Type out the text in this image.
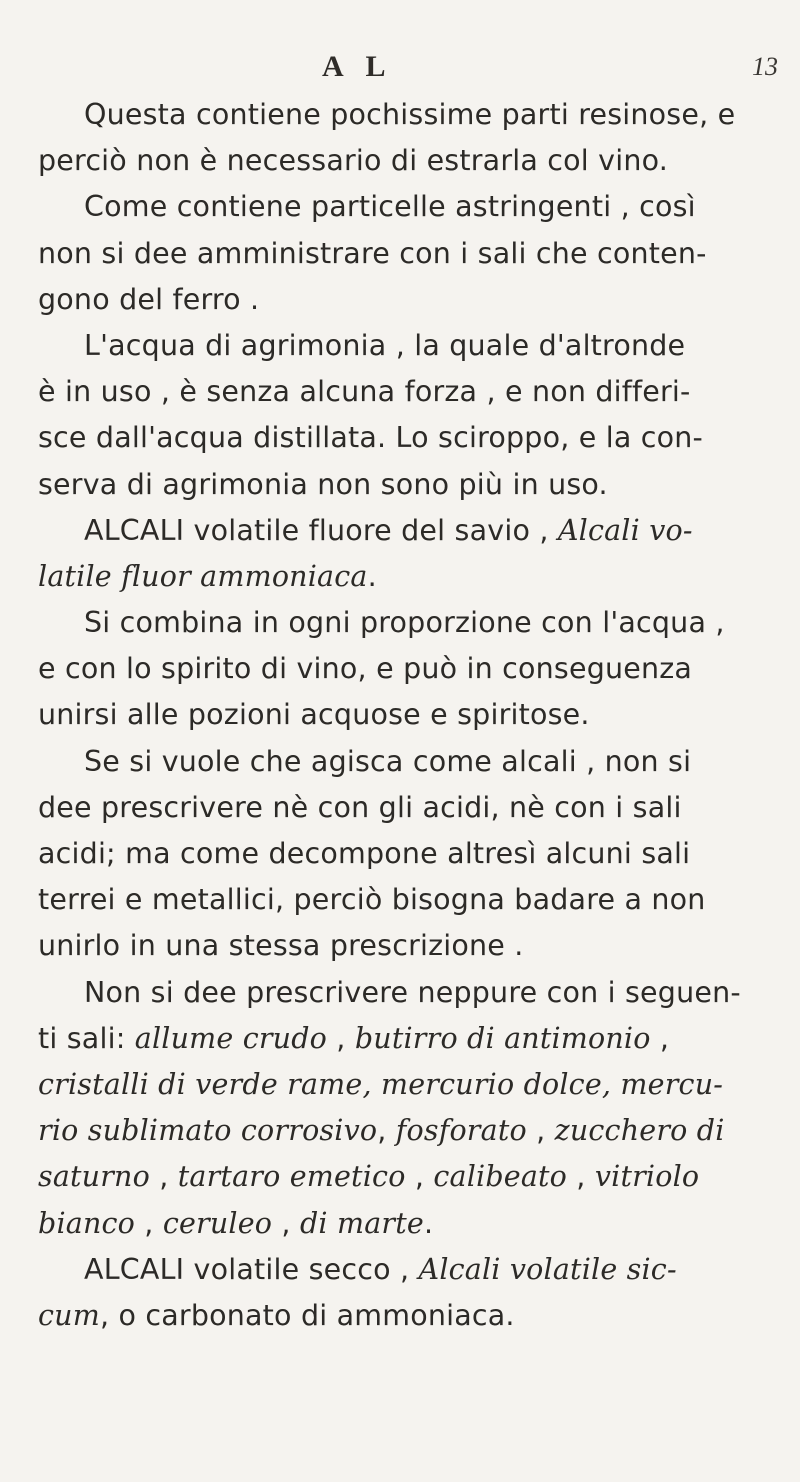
A L	13
Questa contiene pochissime parti resinose, e
perciò non è necessario di estrarla col vino.
Come contiene particelle astringenti , così
non si dee amministrare con i sali che conten-
gono del ferro .
L'acqua di agrimonia , la quale d'altronde
è in uso , è senza alcuna forza , e non differi-
sce dall'acqua distillata. Lo sciroppo, e la con-
serva di agrimonia non sono più in uso.
ALCALI volatile fluore del savio , Alcali vo-
latile fluor ammoniaca.
Si combina in ogni proporzione con l'acqua ,
e con lo spirito di vino, e può in conseguenza
unirsi alle pozioni acquose e spiritose.
Se si vuole che agisca come alcali , non si
dee prescrivere nè con gli acidi, nè con i sali
acidi; ma come decompone altresì alcuni sali
terrei e metallici, perciò bisogna badare a non
unirlo in una stessa prescrizione .
Non si dee prescrivere neppure con i seguen-
ti sali: allume crudo , butirro di antimonio ,
cristalli di verde rame, mercurio dolce, mercu-
rio sublimato corrosivo, fosforato , zucchero di
saturno , tartaro emetico , calibeato , vitriolo
bianco , ceruleo , di marte.
ALCALI volatile secco , Alcali volatile sic-
cum, o carbonato di ammoniaca.
